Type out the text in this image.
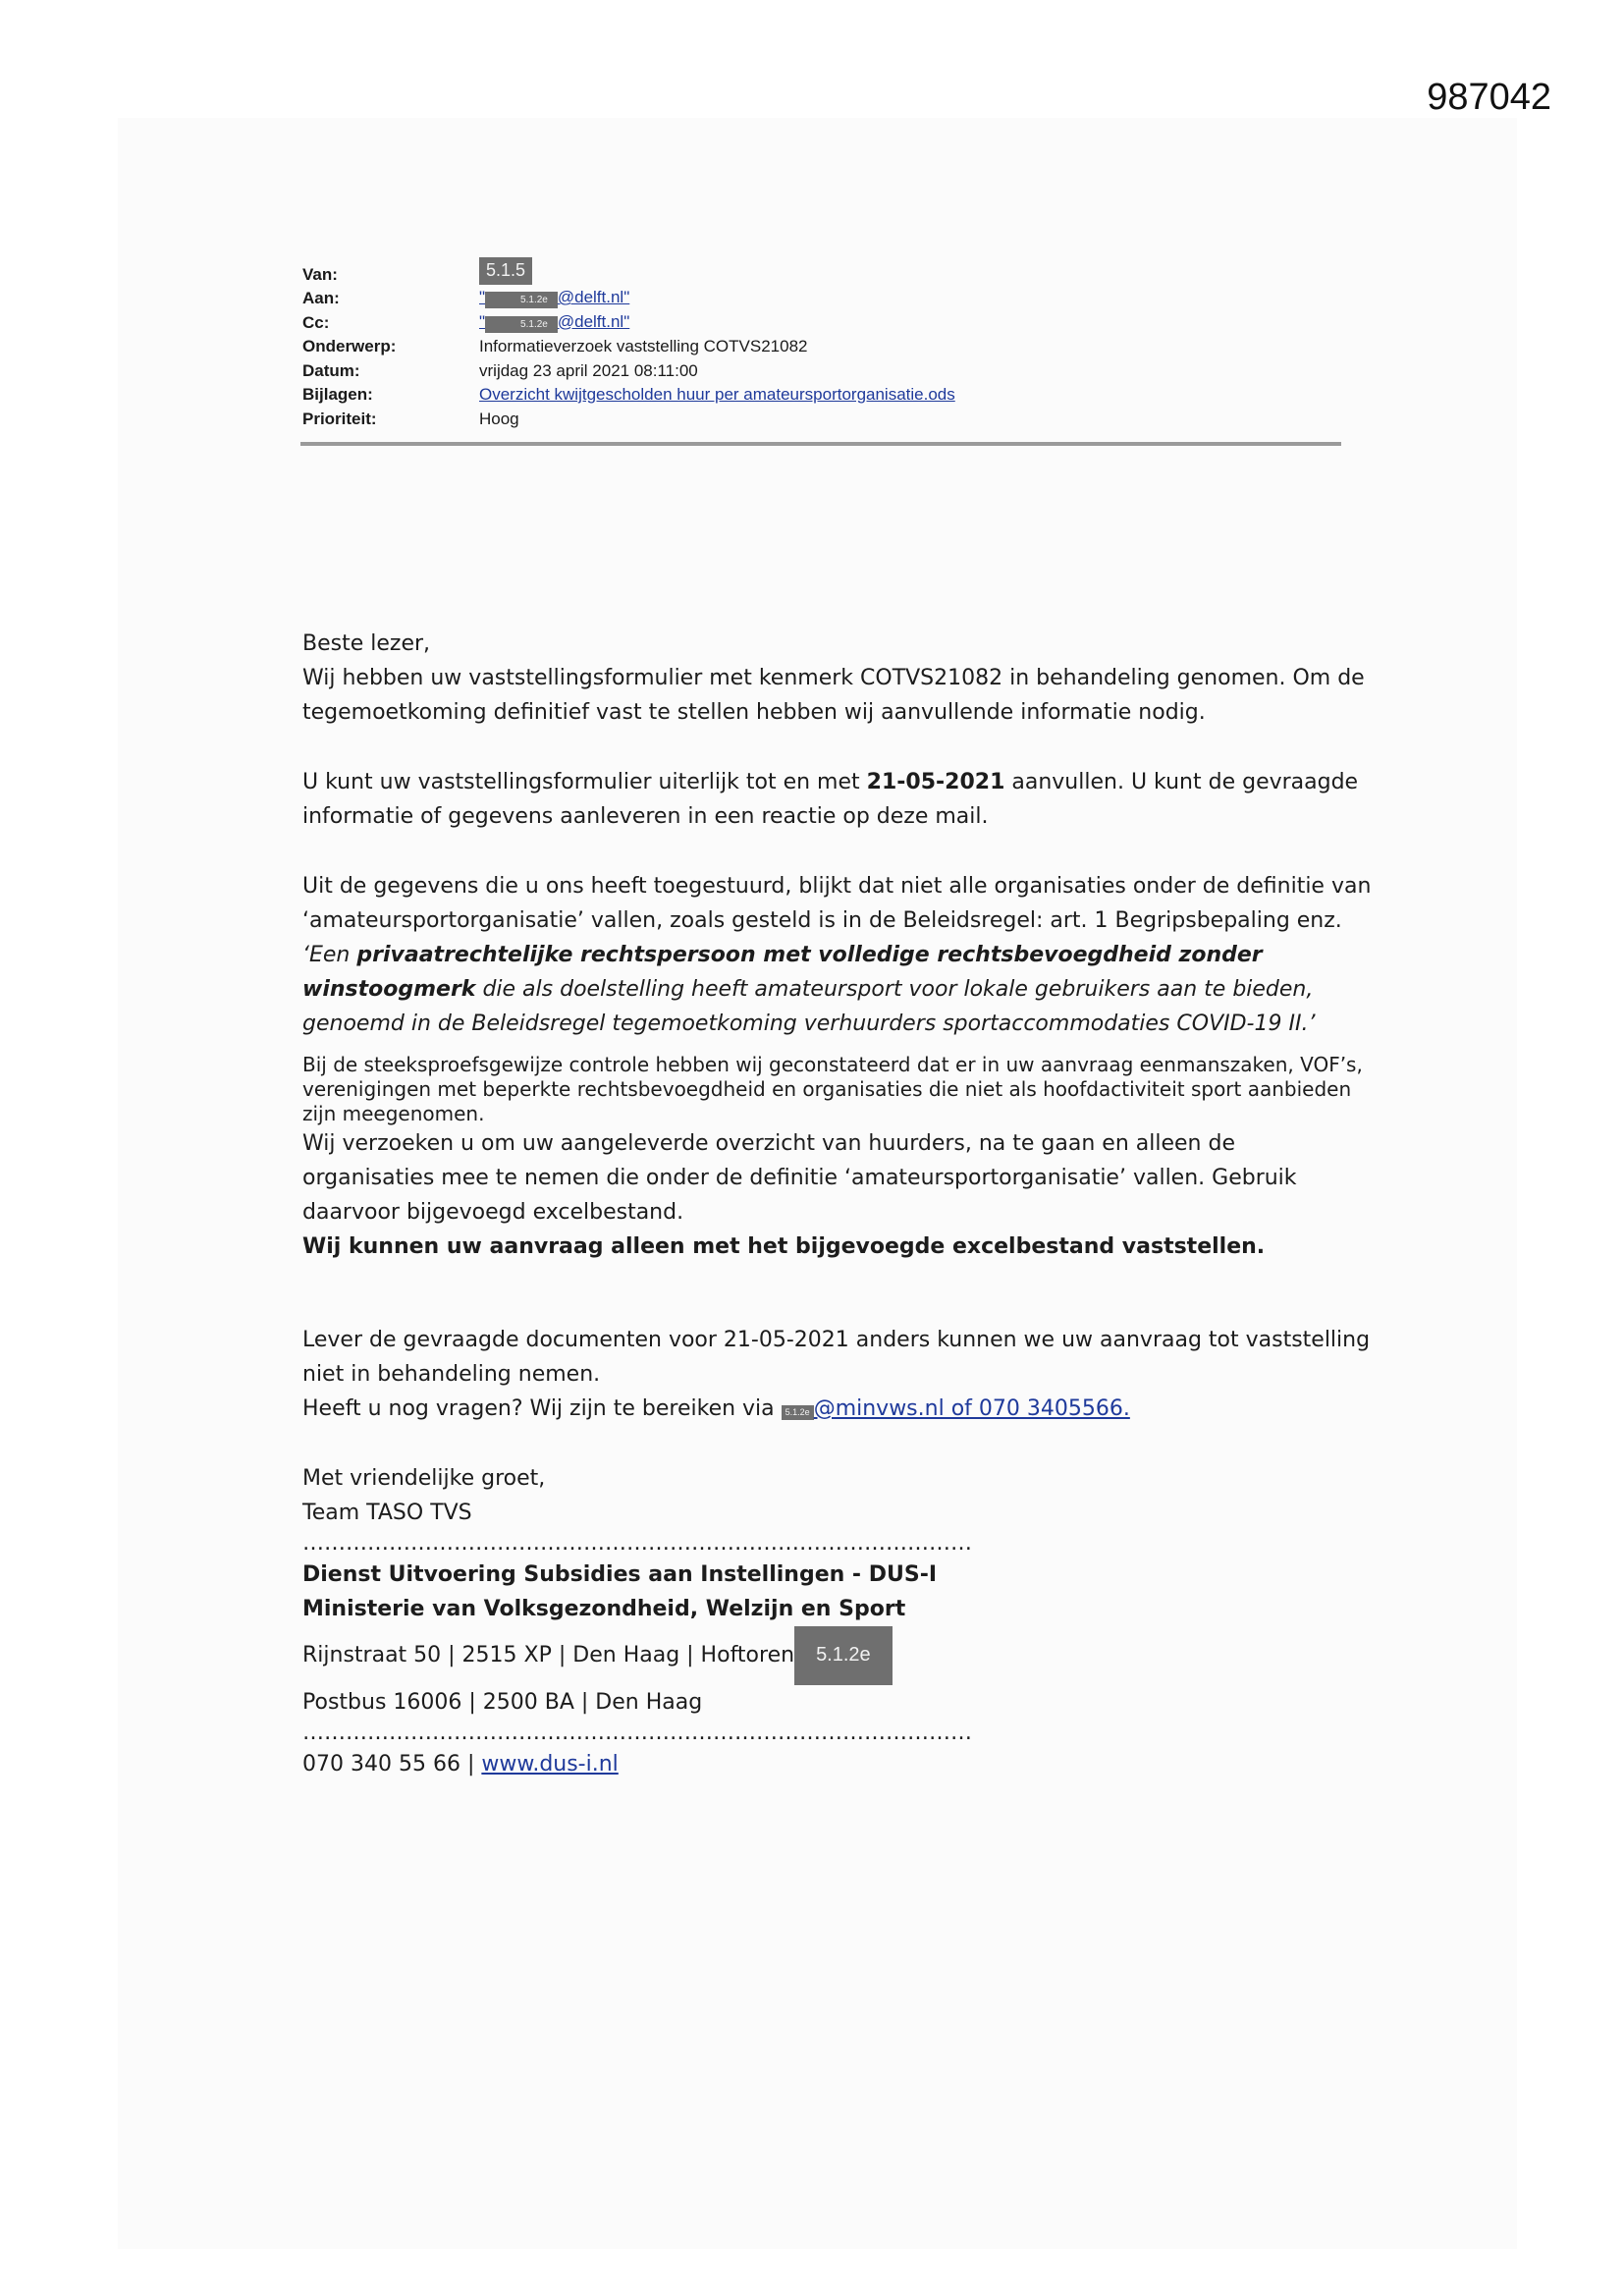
987042
Van:	5.1.5
Aan:	"	5.1.2e @delft.nl"
Cc:	"	5.1.2e @delft.nl"
Onderwerp:	Informatieverzoek vaststelling COTVS21082
Datum:	vrijdag 23 april 2021 08:11:00
Bijlagen:	Overzicht kwijtgescholden huur per amateursportorganisatie.ods
Prioriteit:	Hoog

Beste lezer,

Wij hebben uw vaststellingsformulier met kenmerk COTVS21082 in behandeling genomen. Om de tegemoetkoming definitief vast te stellen hebben wij aanvullende informatie nodig.

U kunt uw vaststellingsformulier uiterlijk tot en met 21-05-2021 aanvullen. U kunt de gevraagde informatie of gegevens aanleveren in een reactie op deze mail.

Uit de gegevens die u ons heeft toegestuurd, blijkt dat niet alle organisaties onder de definitie van ‘amateursportorganisatie’ vallen, zoals gesteld is in de Beleidsregel: art. 1 Begripsbepaling enz.

‘Een privaatrechtelijke rechtspersoon met volledige rechtsbevoegdheid zonder winstoogmerk die als doelstelling heeft amateursport voor lokale gebruikers aan te bieden, genoemd in de Beleidsregel tegemoetkoming verhuurders sportaccommodaties COVID-19 II.’

Bij de steeksproefsgewijze controle hebben wij geconstateerd dat er in uw aanvraag eenmanszaken, VOF’s, verenigingen met beperkte rechtsbevoegdheid en organisaties die niet als hoofdactiviteit sport aanbieden zijn meegenomen.

Wij verzoeken u om uw aangeleverde overzicht van huurders, na te gaan en alleen de organisaties mee te nemen die onder de definitie ‘amateursportorganisatie’ vallen. Gebruik daarvoor bijgevoegd excelbestand.

Wij kunnen uw aanvraag alleen met het bijgevoegde excelbestand vaststellen.

Lever de gevraagde documenten voor 21-05-2021 anders kunnen we uw aanvraag tot vaststelling niet in behandeling nemen.

Heeft u nog vragen? Wij zijn te bereiken via 5.1.2e @minvws.nl of 070 3405566.

Met vriendelijke groet,

Team TASO TVS

…………………………………………………………………………………

Dienst Uitvoering Subsidies aan Instellingen - DUS-I

Ministerie van Volksgezondheid, Welzijn en Sport

Rijnstraat 50 | 2515 XP | Den Haag | Hoftoren 5.1.2e

Postbus 16006 | 2500 BA | Den Haag

…………………………………………………………………………………

070 340 55 66 | www.dus-i.nl
